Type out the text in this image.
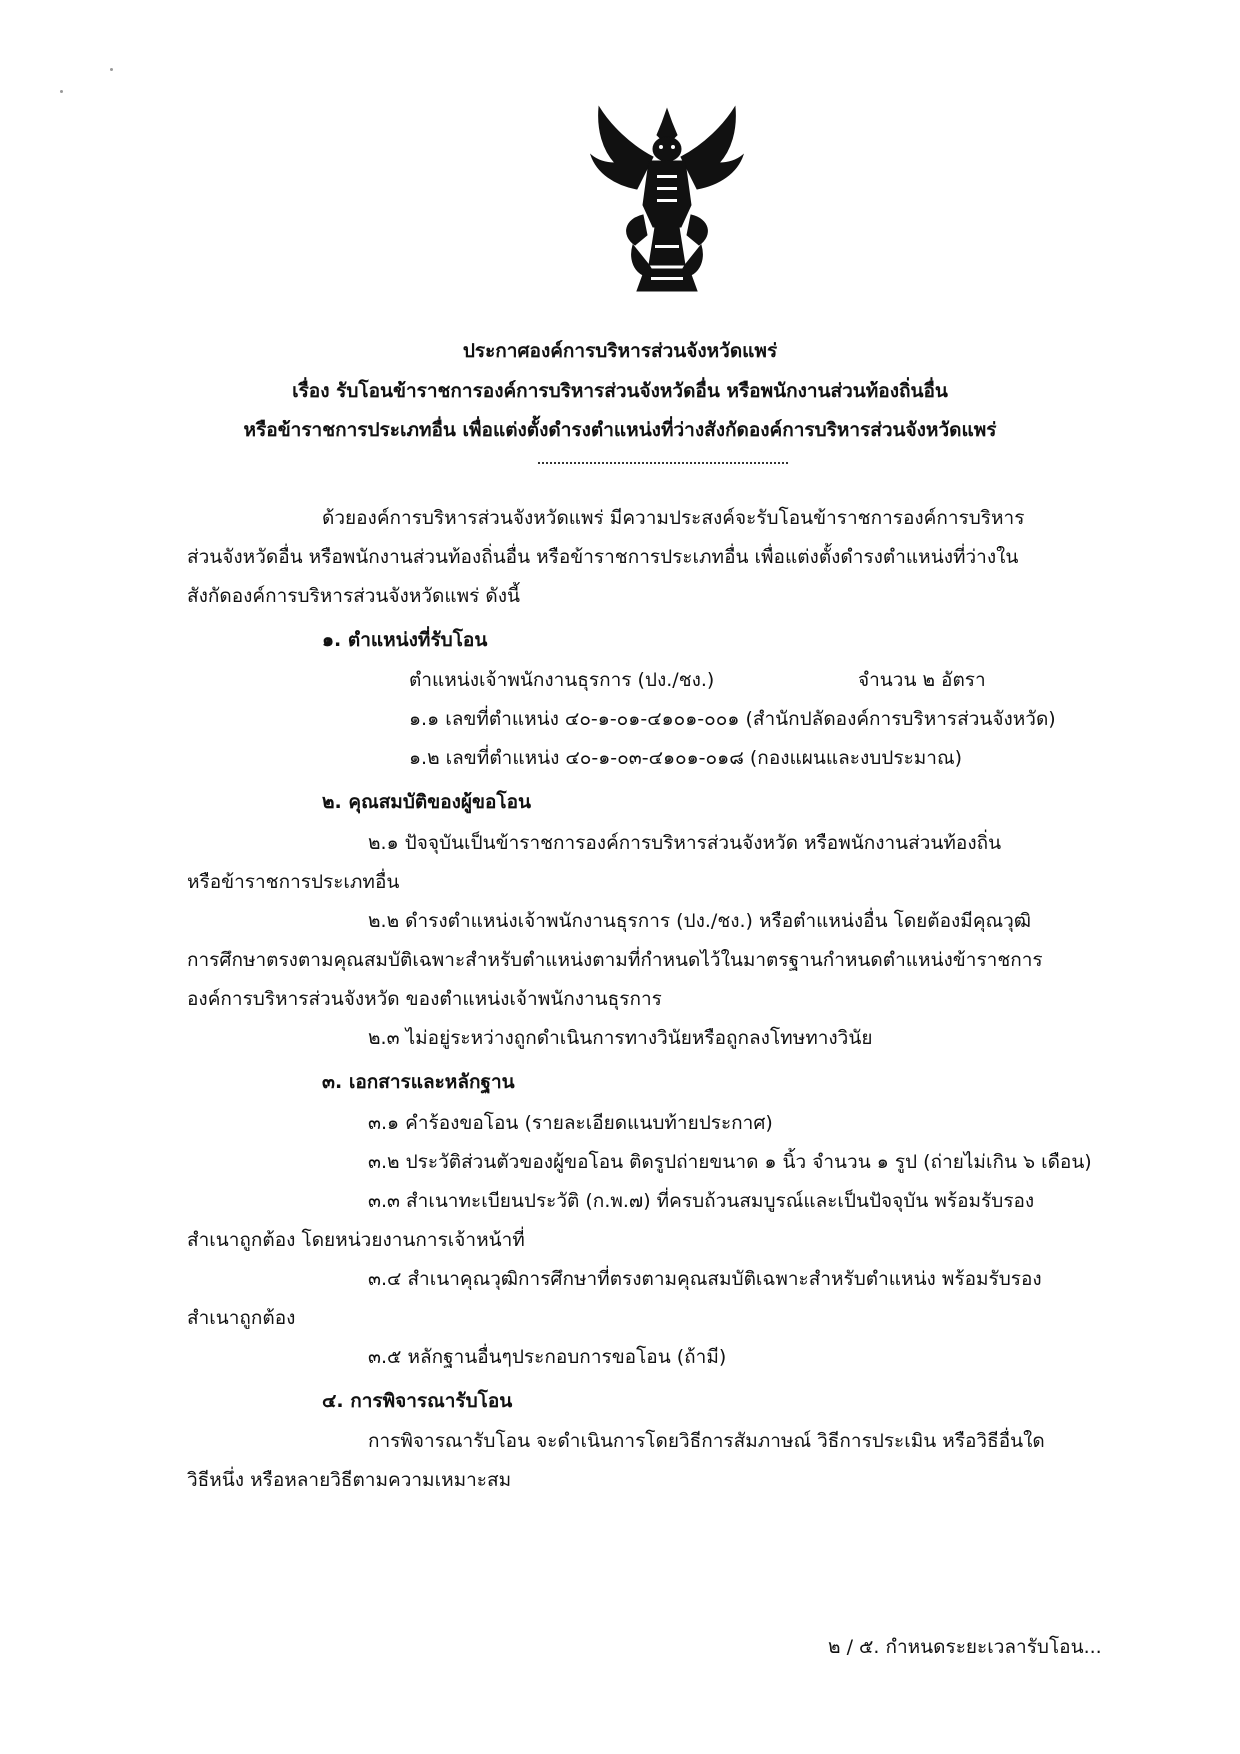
ประกาศองค์การบริหารส่วนจังหวัดแพร่
เรื่อง รับโอนข้าราชการองค์การบริหารส่วนจังหวัดอื่น หรือพนักงานส่วนท้องถิ่นอื่น
หรือข้าราชการประเภทอื่น เพื่อแต่งตั้งดำรงตำแหน่งที่ว่างสังกัดองค์การบริหารส่วนจังหวัดแพร่
ด้วยองค์การบริหารส่วนจังหวัดแพร่ มีความประสงค์จะรับโอนข้าราชการองค์การบริหาร
ส่วนจังหวัดอื่น หรือพนักงานส่วนท้องถิ่นอื่น หรือข้าราชการประเภทอื่น เพื่อแต่งตั้งดำรงตำแหน่งที่ว่างใน
สังกัดองค์การบริหารส่วนจังหวัดแพร่ ดังนี้
๑. ตำแหน่งที่รับโอน
ตำแหน่งเจ้าพนักงานธุรการ (ปง./ชง.)	จำนวน ๒ อัตรา
๑.๑ เลขที่ตำแหน่ง ๔๐-๑-๐๑-๔๑๐๑-๐๐๑ (สำนักปลัดองค์การบริหารส่วนจังหวัด)
๑.๒ เลขที่ตำแหน่ง ๔๐-๑-๐๓-๔๑๐๑-๐๑๘ (กองแผนและงบประมาณ)
๒. คุณสมบัติของผู้ขอโอน
๒.๑ ปัจจุบันเป็นข้าราชการองค์การบริหารส่วนจังหวัด หรือพนักงานส่วนท้องถิ่น
หรือข้าราชการประเภทอื่น
๒.๒ ดำรงตำแหน่งเจ้าพนักงานธุรการ (ปง./ชง.) หรือตำแหน่งอื่น โดยต้องมีคุณวุฒิ
การศึกษาตรงตามคุณสมบัติเฉพาะสำหรับตำแหน่งตามที่กำหนดไว้ในมาตรฐานกำหนดตำแหน่งข้าราชการ
องค์การบริหารส่วนจังหวัด ของตำแหน่งเจ้าพนักงานธุรการ
๒.๓ ไม่อยู่ระหว่างถูกดำเนินการทางวินัยหรือถูกลงโทษทางวินัย
๓. เอกสารและหลักฐาน
๓.๑ คำร้องขอโอน (รายละเอียดแนบท้ายประกาศ)
๓.๒ ประวัติส่วนตัวของผู้ขอโอน ติดรูปถ่ายขนาด ๑ นิ้ว จำนวน ๑ รูป (ถ่ายไม่เกิน ๖ เดือน)
๓.๓ สำเนาทะเบียนประวัติ (ก.พ.๗) ที่ครบถ้วนสมบูรณ์และเป็นปัจจุบัน พร้อมรับรอง
สำเนาถูกต้อง โดยหน่วยงานการเจ้าหน้าที่
๓.๔ สำเนาคุณวุฒิการศึกษาที่ตรงตามคุณสมบัติเฉพาะสำหรับตำแหน่ง พร้อมรับรอง
สำเนาถูกต้อง
๓.๕ หลักฐานอื่นๆประกอบการขอโอน (ถ้ามี)
๔. การพิจารณารับโอน
การพิจารณารับโอน จะดำเนินการโดยวิธีการสัมภาษณ์ วิธีการประเมิน หรือวิธีอื่นใด
วิธีหนึ่ง หรือหลายวิธีตามความเหมาะสม
๒ / ๕. กำหนดระยะเวลารับโอน...
